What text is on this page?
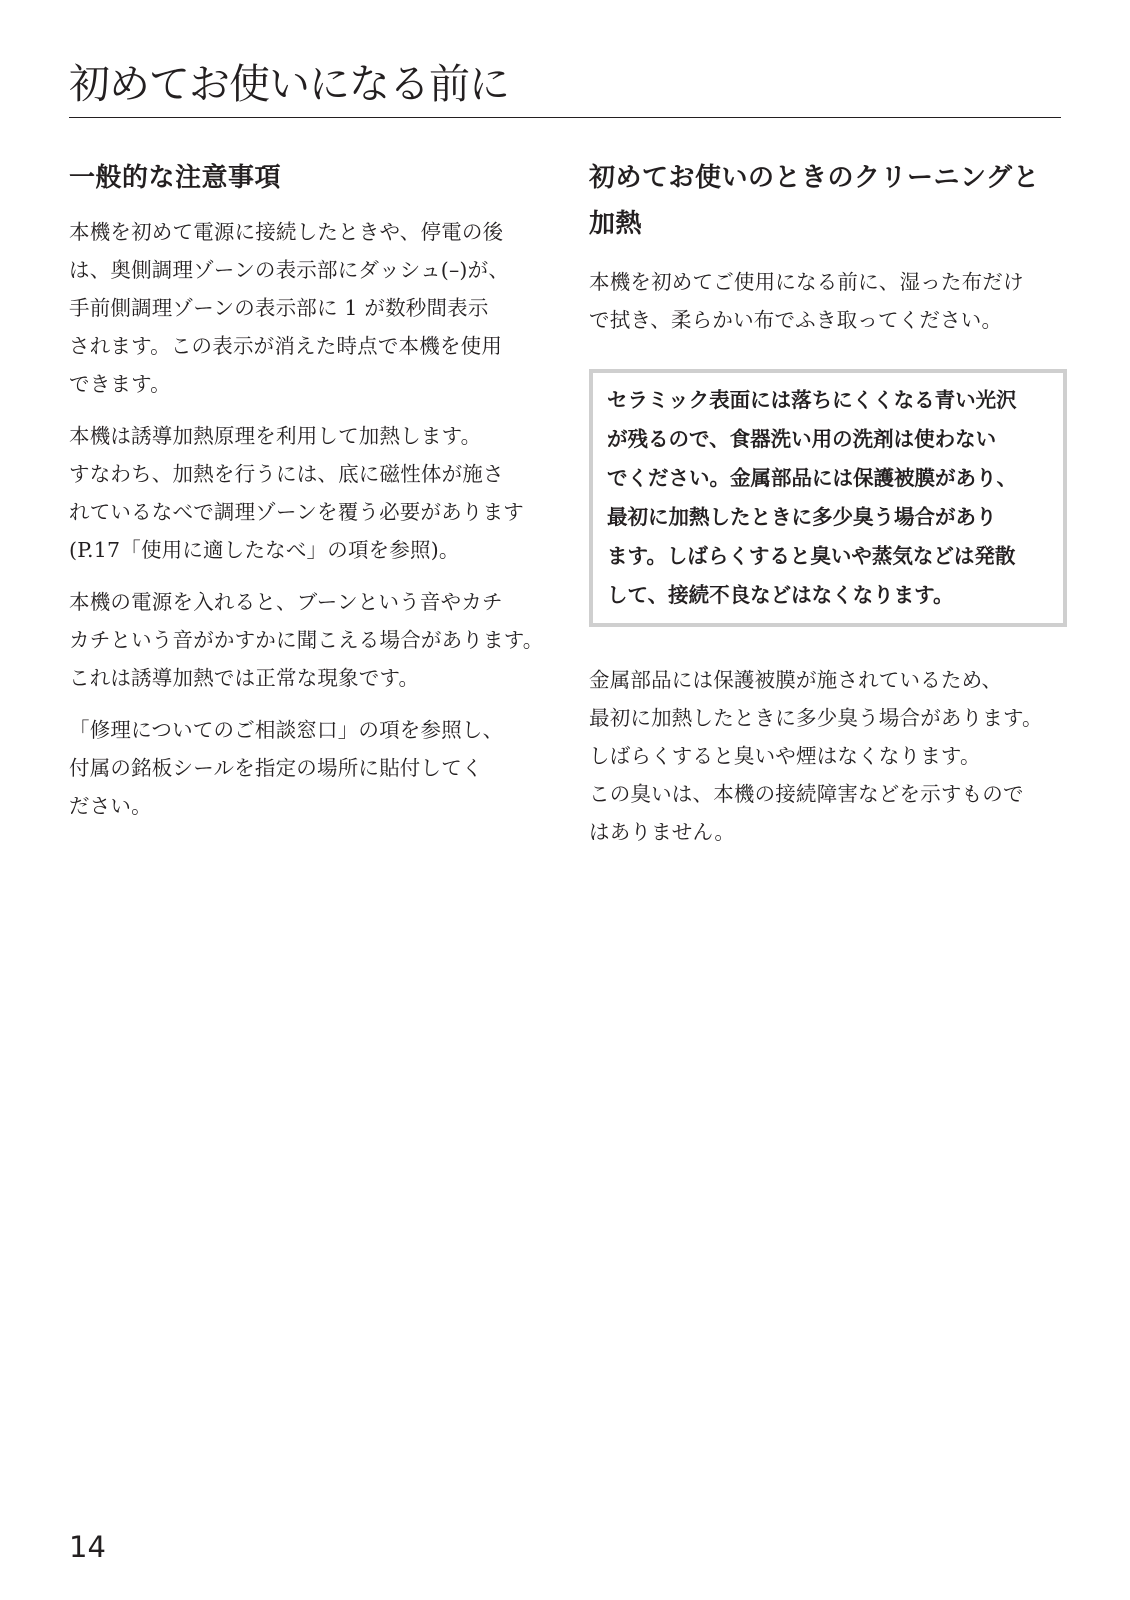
初めてお使いになる前に
一般的な注意事項

本機を初めて電源に接続したときや、停電の後
は、奥側調理ゾーンの表示部にダッシュ(–)が、
手前側調理ゾーンの表示部に 1 が数秒間表示
されます。この表示が消えた時点で本機を使用
できます。

本機は誘導加熱原理を利用して加熱します。
すなわち、加熱を行うには、底に磁性体が施さ
れているなべで調理ゾーンを覆う必要があります
(P.17「使用に適したなべ」の項を参照)。

本機の電源を入れると、ブーンという音やカチ
カチという音がかすかに聞こえる場合があります。
これは誘導加熱では正常な現象です。

「修理についてのご相談窓口」の項を参照し、
付属の銘板シールを指定の場所に貼付してく
ださい。

初めてお使いのときのクリーニングと
加熱

本機を初めてご使用になる前に、湿った布だけ
で拭き、柔らかい布でふき取ってください。

セラミック表面には落ちにくくなる青い光沢
が残るので、食器洗い用の洗剤は使わない
でください。金属部品には保護被膜があり、
最初に加熱したときに多少臭う場合があり
ます。しばらくすると臭いや蒸気などは発散
して、接続不良などはなくなります。

金属部品には保護被膜が施されているため、
最初に加熱したときに多少臭う場合があります。
しばらくすると臭いや煙はなくなります。
この臭いは、本機の接続障害などを示すもので
はありません。

14
